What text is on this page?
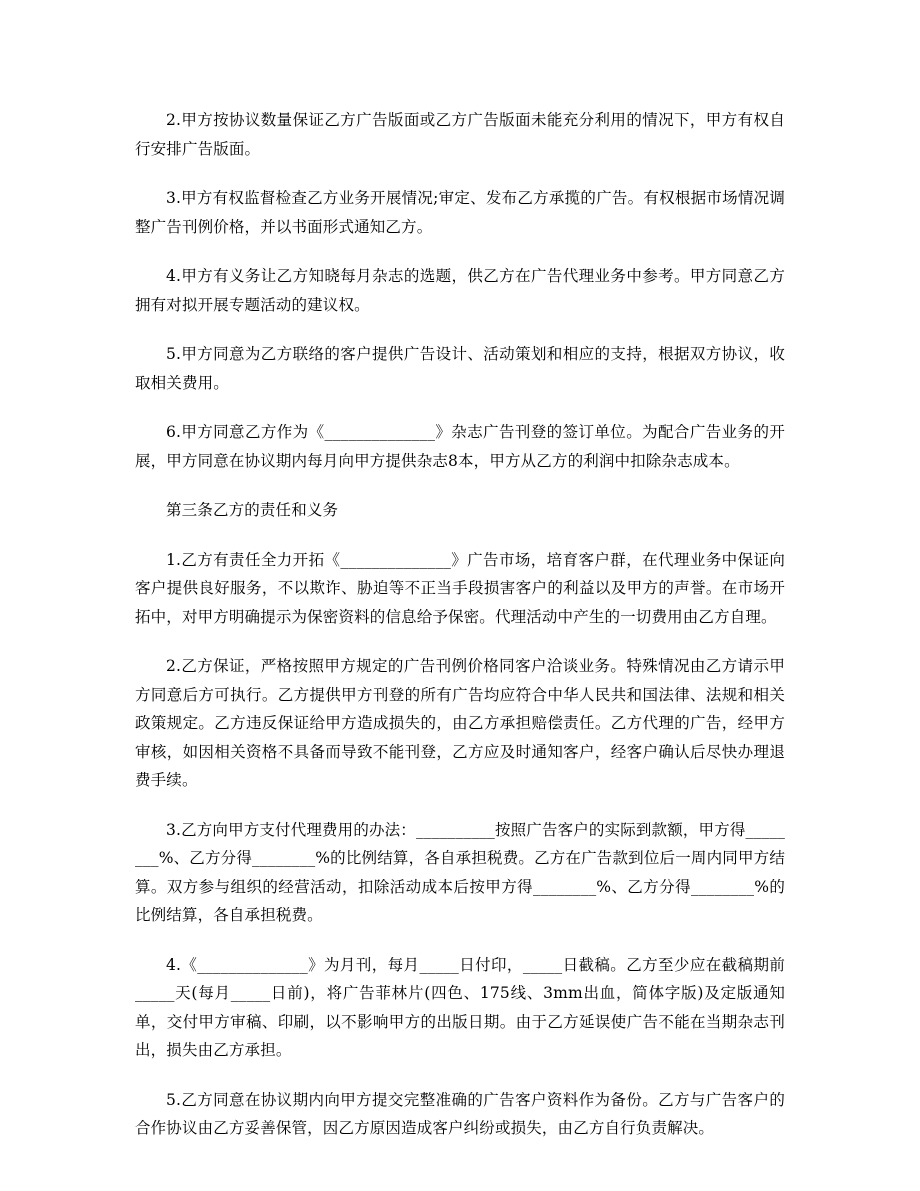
2.甲方按协议数量保证乙方广告版面或乙方广告版面未能充分利用的情况下，甲方有权自行安排广告版面。

3.甲方有权监督检查乙方业务开展情况;审定、发布乙方承揽的广告。有权根据市场情况调整广告刊例价格，并以书面形式通知乙方。

4.甲方有义务让乙方知晓每月杂志的选题，供乙方在广告代理业务中参考。甲方同意乙方拥有对拟开展专题活动的建议权。

5.甲方同意为乙方联络的客户提供广告设计、活动策划和相应的支持，根据双方协议，收取相关费用。

6.甲方同意乙方作为《______________》杂志广告刊登的签订单位。为配合广告业务的开展，甲方同意在协议期内每月向甲方提供杂志8本，甲方从乙方的利润中扣除杂志成本。

第三条乙方的责任和义务

1.乙方有责任全力开拓《______________》广告市场，培育客户群，在代理业务中保证向客户提供良好服务，不以欺诈、胁迫等不正当手段损害客户的利益以及甲方的声誉。在市场开拓中，对甲方明确提示为保密资料的信息给予保密。代理活动中产生的一切费用由乙方自理。

2.乙方保证，严格按照甲方规定的广告刊例价格同客户洽谈业务。特殊情况由乙方请示甲方同意后方可执行。乙方提供甲方刊登的所有广告均应符合中华人民共和国法律、法规和相关政策规定。乙方违反保证给甲方造成损失的，由乙方承担赔偿责任。乙方代理的广告，经甲方审核，如因相关资格不具备而导致不能刊登，乙方应及时通知客户，经客户确认后尽快办理退费手续。

3.乙方向甲方支付代理费用的办法：__________按照广告客户的实际到款额，甲方得________%、乙方分得________%的比例结算，各自承担税费。乙方在广告款到位后一周内同甲方结算。双方参与组织的经营活动，扣除活动成本后按甲方得________%、乙方分得________%的比例结算，各自承担税费。

4.《______________》为月刊，每月_____日付印，_____日截稿。乙方至少应在截稿期前_____天(每月_____日前)，将广告菲林片(四色、175线、3mm出血，简体字版)及定版通知单，交付甲方审稿、印刷，以不影响甲方的出版日期。由于乙方延误使广告不能在当期杂志刊出，损失由乙方承担。

5.乙方同意在协议期内向甲方提交完整准确的广告客户资料作为备份。乙方与广告客户的合作协议由乙方妥善保管，因乙方原因造成客户纠纷或损失，由乙方自行负责解决。
